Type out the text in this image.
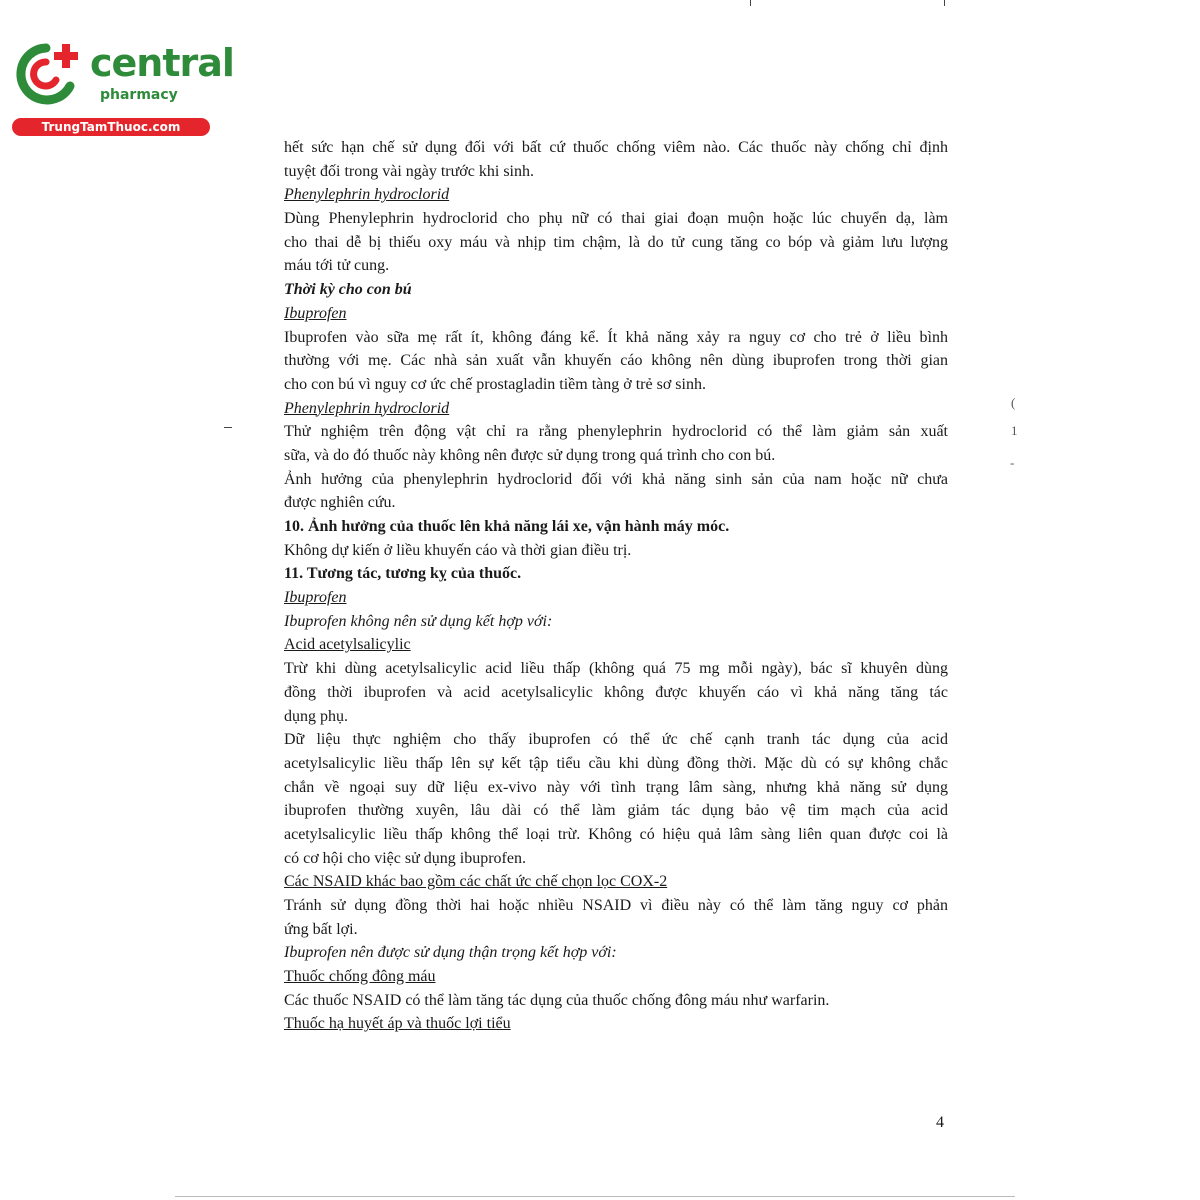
central
pharmacy
TrungTamThuoc.com
(
1
-
hết sức hạn chế sử dụng đối với bất cứ thuốc chống viêm nào. Các thuốc này chống chỉ định
tuyệt đối trong vài ngày trước khi sinh.
Phenylephrin hydroclorid
Dùng Phenylephrin hydroclorid cho phụ nữ có thai giai đoạn muộn hoặc lúc chuyển dạ, làm
cho thai dễ bị thiếu oxy máu và nhịp tim chậm, là do tử cung tăng co bóp và giảm lưu lượng
máu tới tử cung.
Thời kỳ cho con bú
Ibuprofen
Ibuprofen vào sữa mẹ rất ít, không đáng kể. Ít khả năng xảy ra nguy cơ cho trẻ ở liều bình
thường với mẹ. Các nhà sản xuất vẫn khuyến cáo không nên dùng ibuprofen trong thời gian
cho con bú vì nguy cơ ức chế prostagladin tiềm tàng ở trẻ sơ sinh.
Phenylephrin hydroclorid
Thử nghiệm trên động vật chỉ ra rằng phenylephrin hydroclorid có thể làm giảm sản xuất
sữa, và do đó thuốc này không nên được sử dụng trong quá trình cho con bú.
Ảnh hưởng của phenylephrin hydroclorid đối với khả năng sinh sản của nam hoặc nữ chưa
được nghiên cứu.
10. Ảnh hưởng của thuốc lên khả năng lái xe, vận hành máy móc.
Không dự kiến ở liều khuyến cáo và thời gian điều trị.
11. Tương tác, tương kỵ của thuốc.
Ibuprofen
Ibuprofen không nên sử dụng kết hợp với:
Acid acetylsalicylic
Trừ khi dùng acetylsalicylic acid liều thấp (không quá 75 mg mỗi ngày), bác sĩ khuyên dùng
đồng thời ibuprofen và acid acetylsalicylic không được khuyến cáo vì khả năng tăng tác
dụng phụ.
Dữ liệu thực nghiệm cho thấy ibuprofen có thể ức chế cạnh tranh tác dụng của acid
acetylsalicylic liều thấp lên sự kết tập tiểu cầu khi dùng đồng thời. Mặc dù có sự không chắc
chắn về ngoại suy dữ liệu ex-vivo này với tình trạng lâm sàng, nhưng khả năng sử dụng
ibuprofen thường xuyên, lâu dài có thể làm giảm tác dụng bảo vệ tim mạch của acid
acetylsalicylic liều thấp không thể loại trừ. Không có hiệu quả lâm sàng liên quan được coi là
có cơ hội cho việc sử dụng ibuprofen.
Các NSAID khác bao gồm các chất ức chế chọn lọc COX-2
Tránh sử dụng đồng thời hai hoặc nhiều NSAID vì điều này có thể làm tăng nguy cơ phản
ứng bất lợi.
Ibuprofen nên được sử dụng thận trọng kết hợp với:
Thuốc chống đông máu
Các thuốc NSAID có thể làm tăng tác dụng của thuốc chống đông máu như warfarin.
Thuốc hạ huyết áp và thuốc lợi tiểu
4
